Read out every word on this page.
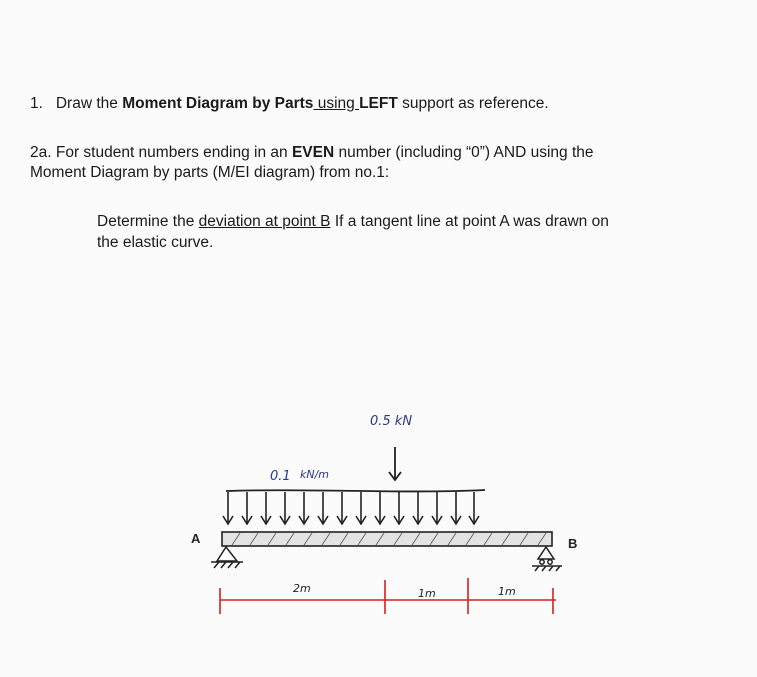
1. Draw the Moment Diagram by Parts using LEFT support as reference.
2a. For student numbers ending in an EVEN number (including “0”) AND using the
Moment Diagram by parts (M/EI diagram) from no.1:
Determine the deviation at point B If a tangent line at point A was drawn on
the elastic curve.
0.5 kN
0.1 kN/m
A	B
2m	1m	1m
